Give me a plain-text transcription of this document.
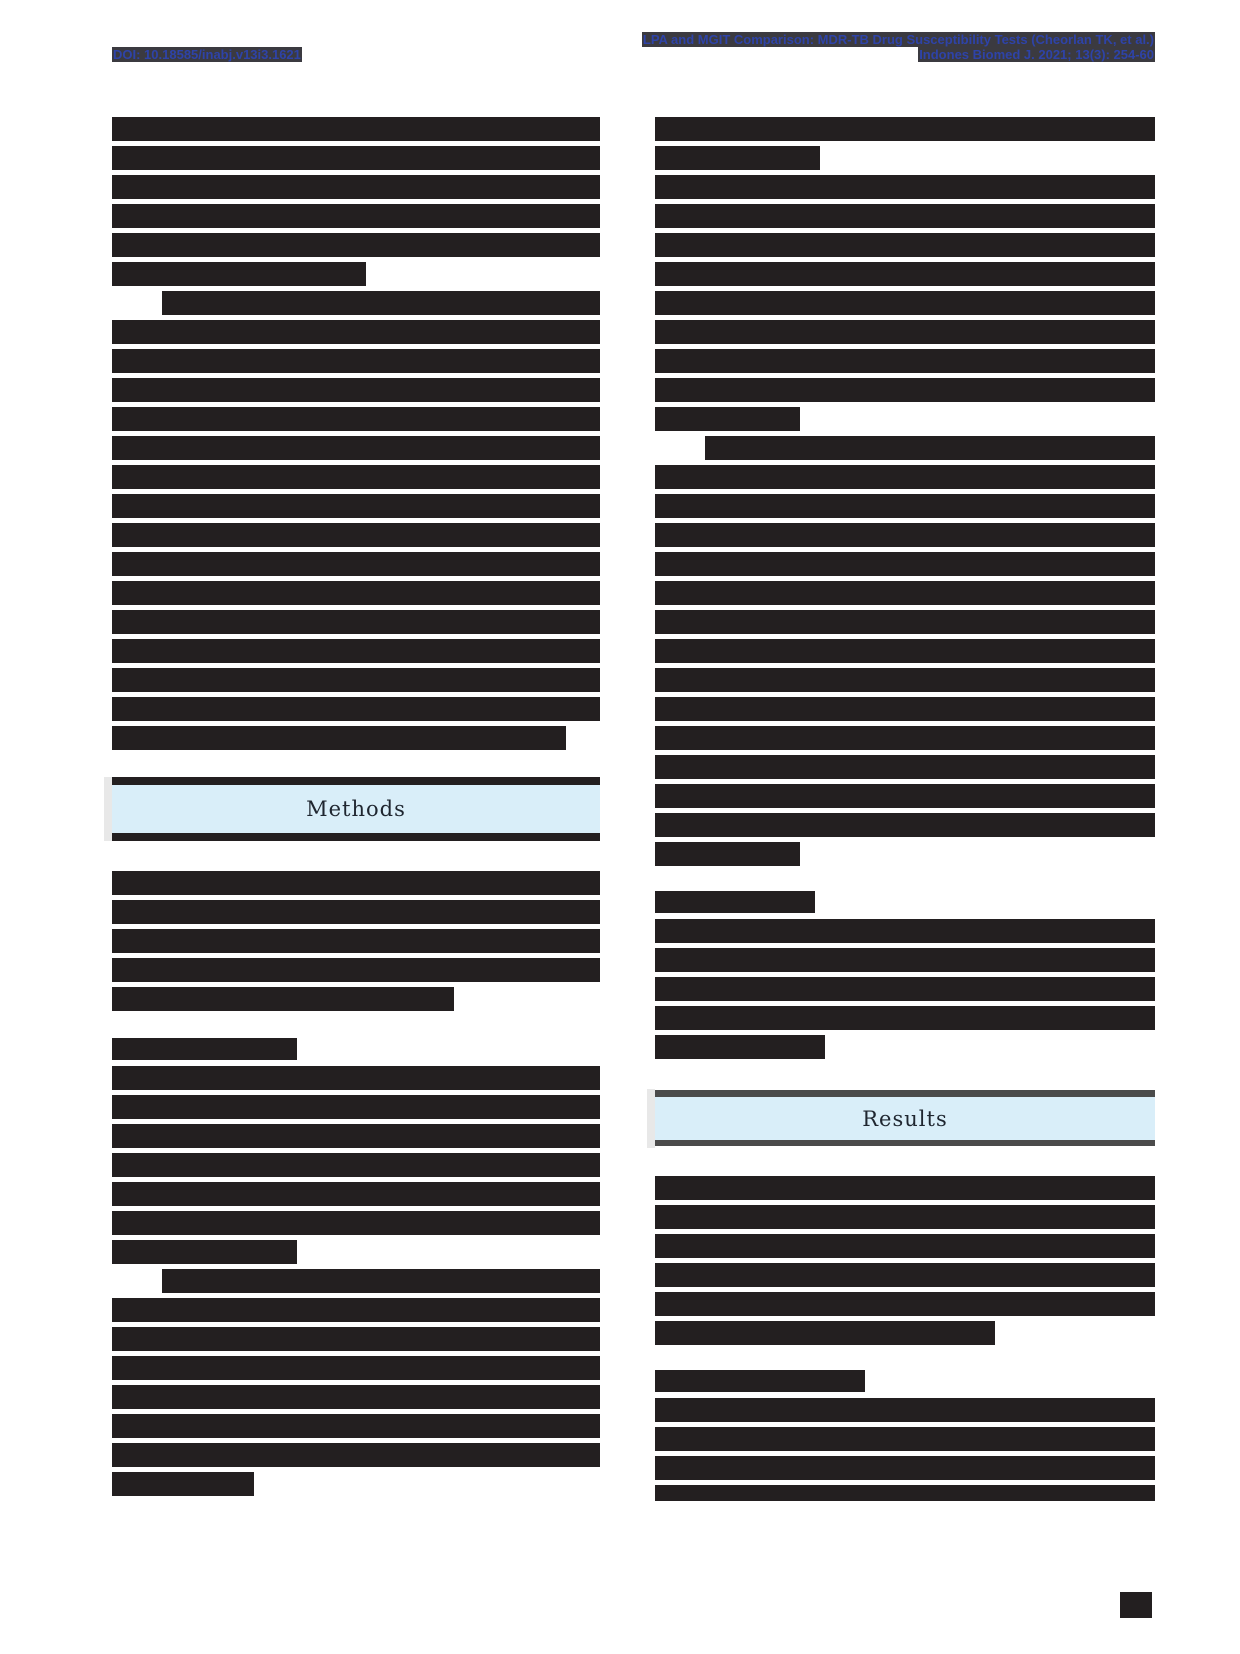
DOI: 10.18585/inabj.v13i3.1621
LPA and MGIT Comparison: MDR-TB Drug Susceptibility Tests (Cheorlan TK, et al.)
Indones Biomed J. 2021; 13(3): 254-60
Methods
Results
